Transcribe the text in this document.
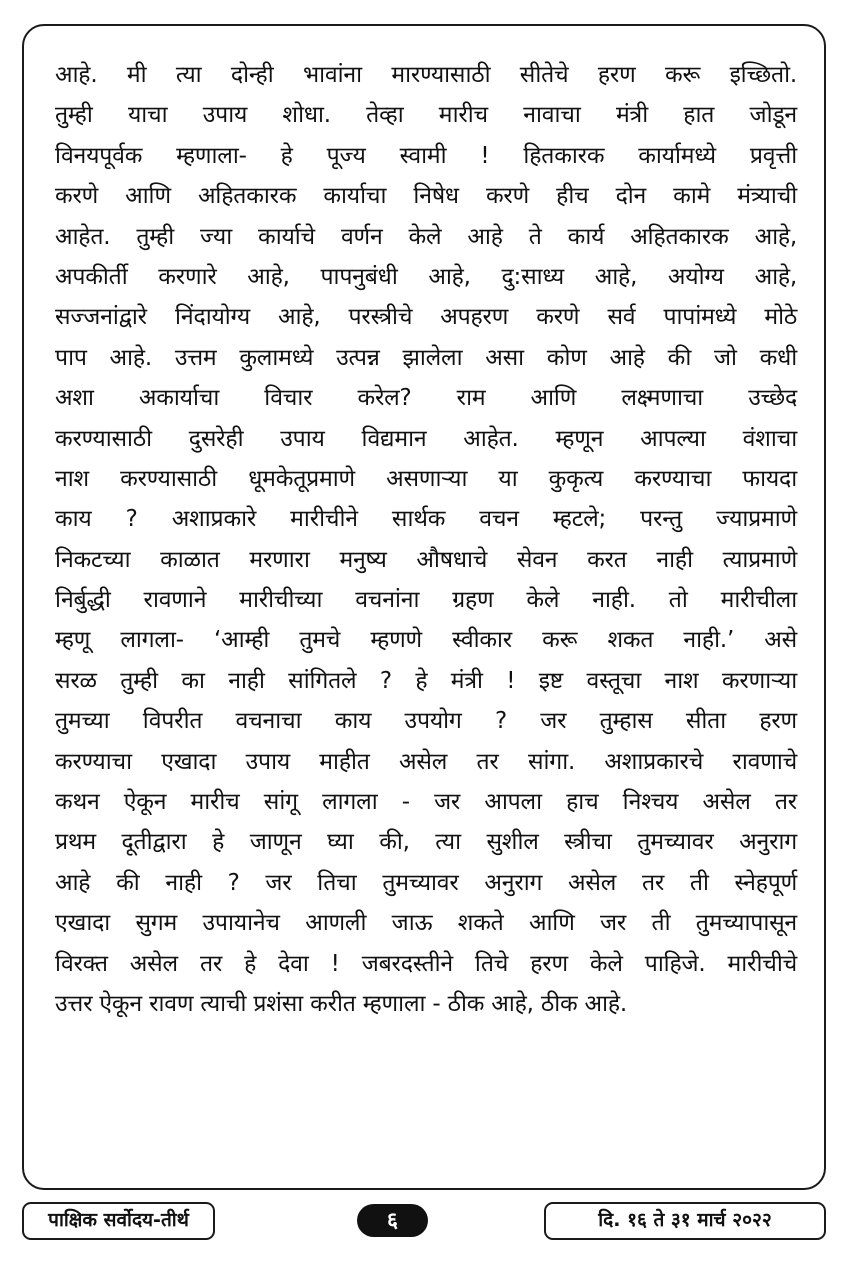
आहे. मी त्या दोन्ही भावांना मारण्यासाठी सीतेचे हरण करू इच्छितो.
तुम्ही याचा उपाय शोधा. तेव्हा मारीच नावाचा मंत्री हात जोडून
विनयपूर्वक म्हणाला- हे पूज्य स्वामी ! हितकारक कार्यामध्ये प्रवृत्ती
करणे आणि अहितकारक कार्याचा निषेध करणे हीच दोन कामे मंत्र्याची
आहेत. तुम्ही ज्या कार्याचे वर्णन केले आहे ते कार्य अहितकारक आहे,
अपकीर्ती करणारे आहे, पापनुबंधी आहे, दु:साध्य आहे, अयोग्य आहे,
सज्जनांद्वारे निंदायोग्य आहे, परस्त्रीचे अपहरण करणे सर्व पापांमध्ये मोठे
पाप आहे. उत्तम कुलामध्ये उत्पन्न झालेला असा कोण आहे की जो कधी
अशा अकार्याचा विचार करेल? राम आणि लक्ष्मणाचा उच्छेद
करण्यासाठी दुसरेही उपाय विद्यमान आहेत. म्हणून आपल्या वंशाचा
नाश करण्यासाठी धूमकेतूप्रमाणे असणाऱ्या या कुकृत्य करण्याचा फायदा
काय ? अशाप्रकारे मारीचीने सार्थक वचन म्हटले; परन्तु ज्याप्रमाणे
निकटच्या काळात मरणारा मनुष्य औषधाचे सेवन करत नाही त्याप्रमाणे
निर्बुद्धी रावणाने मारीचीच्या वचनांना ग्रहण केले नाही. तो मारीचीला
म्हणू लागला- ‘आम्ही तुमचे म्हणणे स्वीकार करू शकत नाही.’ असे
सरळ तुम्ही का नाही सांगितले ? हे मंत्री ! इष्ट वस्तूचा नाश करणाऱ्या
तुमच्या विपरीत वचनाचा काय उपयोग ? जर तुम्हास सीता हरण
करण्याचा एखादा उपाय माहीत असेल तर सांगा. अशाप्रकारचे रावणाचे
कथन ऐकून मारीच सांगू लागला - जर आपला हाच निश्चय असेल तर
प्रथम दूतीद्वारा हे जाणून घ्या की, त्या सुशील स्त्रीचा तुमच्यावर अनुराग
आहे की नाही ? जर तिचा तुमच्यावर अनुराग असेल तर ती स्नेहपूर्ण
एखादा सुगम उपायानेच आणली जाऊ शकते आणि जर ती तुमच्यापासून
विरक्त असेल तर हे देवा ! जबरदस्तीने तिचे हरण केले पाहिजे. मारीचीचे
उत्तर ऐकून रावण त्याची प्रशंसा करीत म्हणाला - ठीक आहे, ठीक आहे.
पाक्षिक सर्वोदय-तीर्थ	६	दि. १६ ते ३१ मार्च २०२२
